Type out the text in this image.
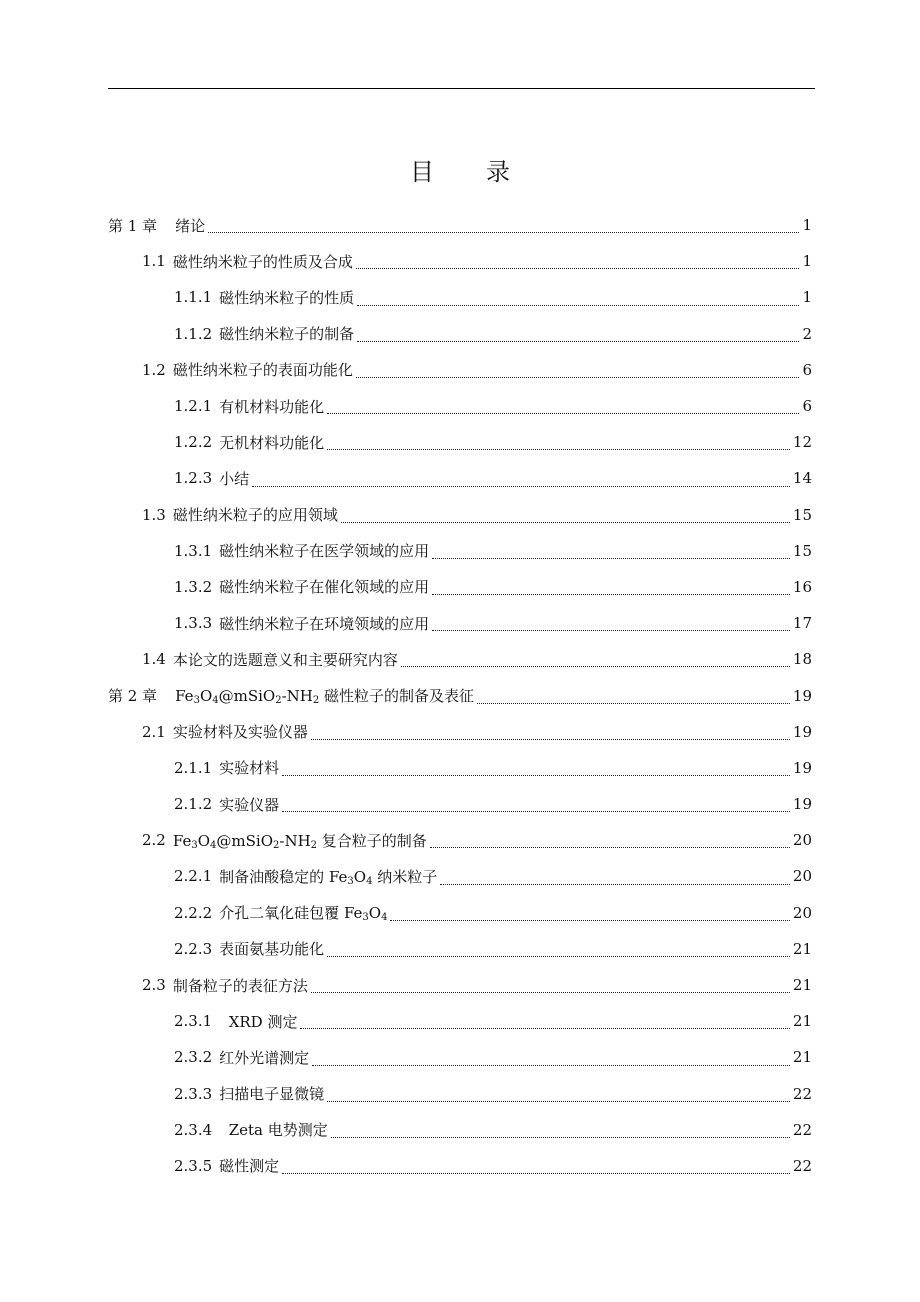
目　录
第 1 章 绪论	1
1.1 磁性纳米粒子的性质及合成	1
1.1.1 磁性纳米粒子的性质	1
1.1.2 磁性纳米粒子的制备	2
1.2 磁性纳米粒子的表面功能化	6
1.2.1 有机材料功能化	6
1.2.2 无机材料功能化	12
1.2.3 小结	14
1.3 磁性纳米粒子的应用领域	15
1.3.1 磁性纳米粒子在医学领域的应用	15
1.3.2 磁性纳米粒子在催化领域的应用	16
1.3.3 磁性纳米粒子在环境领域的应用	17
1.4 本论文的选题意义和主要研究内容	18
第 2 章 $Fe_3O_4@mSiO_2-NH_2$ 磁性粒子的制备及表征	19
2.1 实验材料及实验仪器	19
2.1.1 实验材料	19
2.1.2 实验仪器	19
2.2 $Fe_3O_4@mSiO_2-NH_2$ 复合粒子的制备	20
2.2.1 制备油酸稳定的 $Fe_3O_4$ 纳米粒子	20
2.2.2 介孔二氧化硅包覆 $Fe_3O_4$	20
2.2.3 表面氨基功能化	21
2.3 制备粒子的表征方法	21
2.3.1 XRD 测定	21
2.3.2 红外光谱测定	21
2.3.3 扫描电子显微镜	22
2.3.4 Zeta 电势测定	22
2.3.5 磁性测定	22
